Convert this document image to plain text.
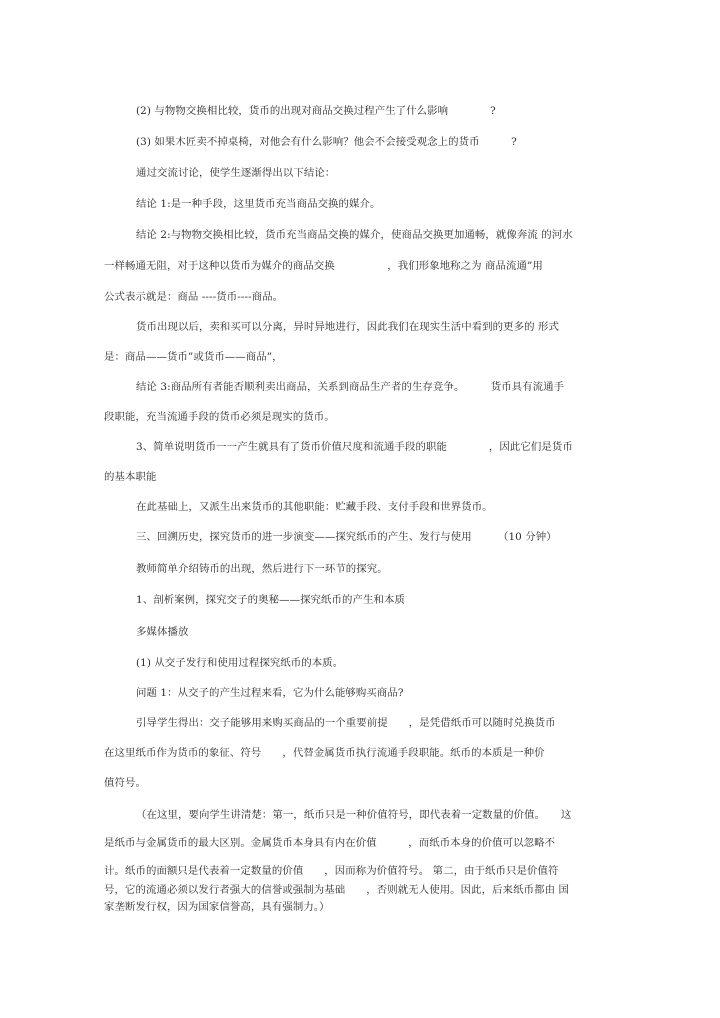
(2) 与物物交换相比较，货币的出现对商品交换过程产生了什么影响　　　　?
(3) 如果木匠卖不掉桌椅，对他会有什么影响？他会不会接受观念上的货币　　　?
通过交流讨论，使学生逐渐得出以下结论：
结论 1:是一种手段，这里货币充当商品交换的媒介。
结论 2:与物物交换相比较，货币充当商品交换的媒介，使商品交换更加通畅，就像奔流 的河水
一样畅通无阻，对于这种以货币为媒介的商品交换　　　　　，我们形象地称之为 商品流通”用
公式表示就是：商品 ----货币----商品。
货币出现以后，卖和买可以分离，异时异地进行，因此我们在现实生活中看到的更多的 形式
是：商品——货币”或货币——商品”，
结论 3:商品所有者能否顺利卖出商品，关系到商品生产者的生存竞争。　　　货币具有流通手
段职能，充当流通手段的货币必须是现实的货币。
3、简单说明货币一一产生就具有了货币价值尺度和流通手段的职能　　　　，因此它们是货币
的基本职能
在此基础上，又派生出来货币的其他职能：贮藏手段、支付手段和世界货币。
三、回溯历史，探究货币的进一步演变——探究纸币的产生、发行与使用　　　（10 分钟）
教师简单介绍铸币的出现，然后进行下一环节的探究。
1、剖析案例，探究交子的奥秘——探究纸币的产生和本质
多媒体播放
(1) 从交子发行和使用过程探究纸币的本质。
问题 1：从交子的产生过程来看，它为什么能够购买商品?
引导学生得出：交子能够用来购买商品的一个重要前提　　，是凭借纸币可以随时兑换货币
在这里纸币作为货币的象征、符号　　，代替金属货币执行流通手段职能。纸币的本质是一种价
值符号。
（在这里，要向学生讲清楚：第一，纸币只是一种价值符号，即代表着一定数量的价值。　　这
是纸币与金属货币的最大区别。金属货币本身具有内在价值　　　，而纸币本身的价值可以忽略不
计。纸币的面额只是代表着一定数量的价值　　，因而称为价值符号。 第二，由于纸币只是价值符
号，它的流通必须以发行者强大的信誉或强制为基础　　，否则就无人使用。因此，后来纸币都由 国
家垄断发行权，因为国家信誉高，具有强制力。）
